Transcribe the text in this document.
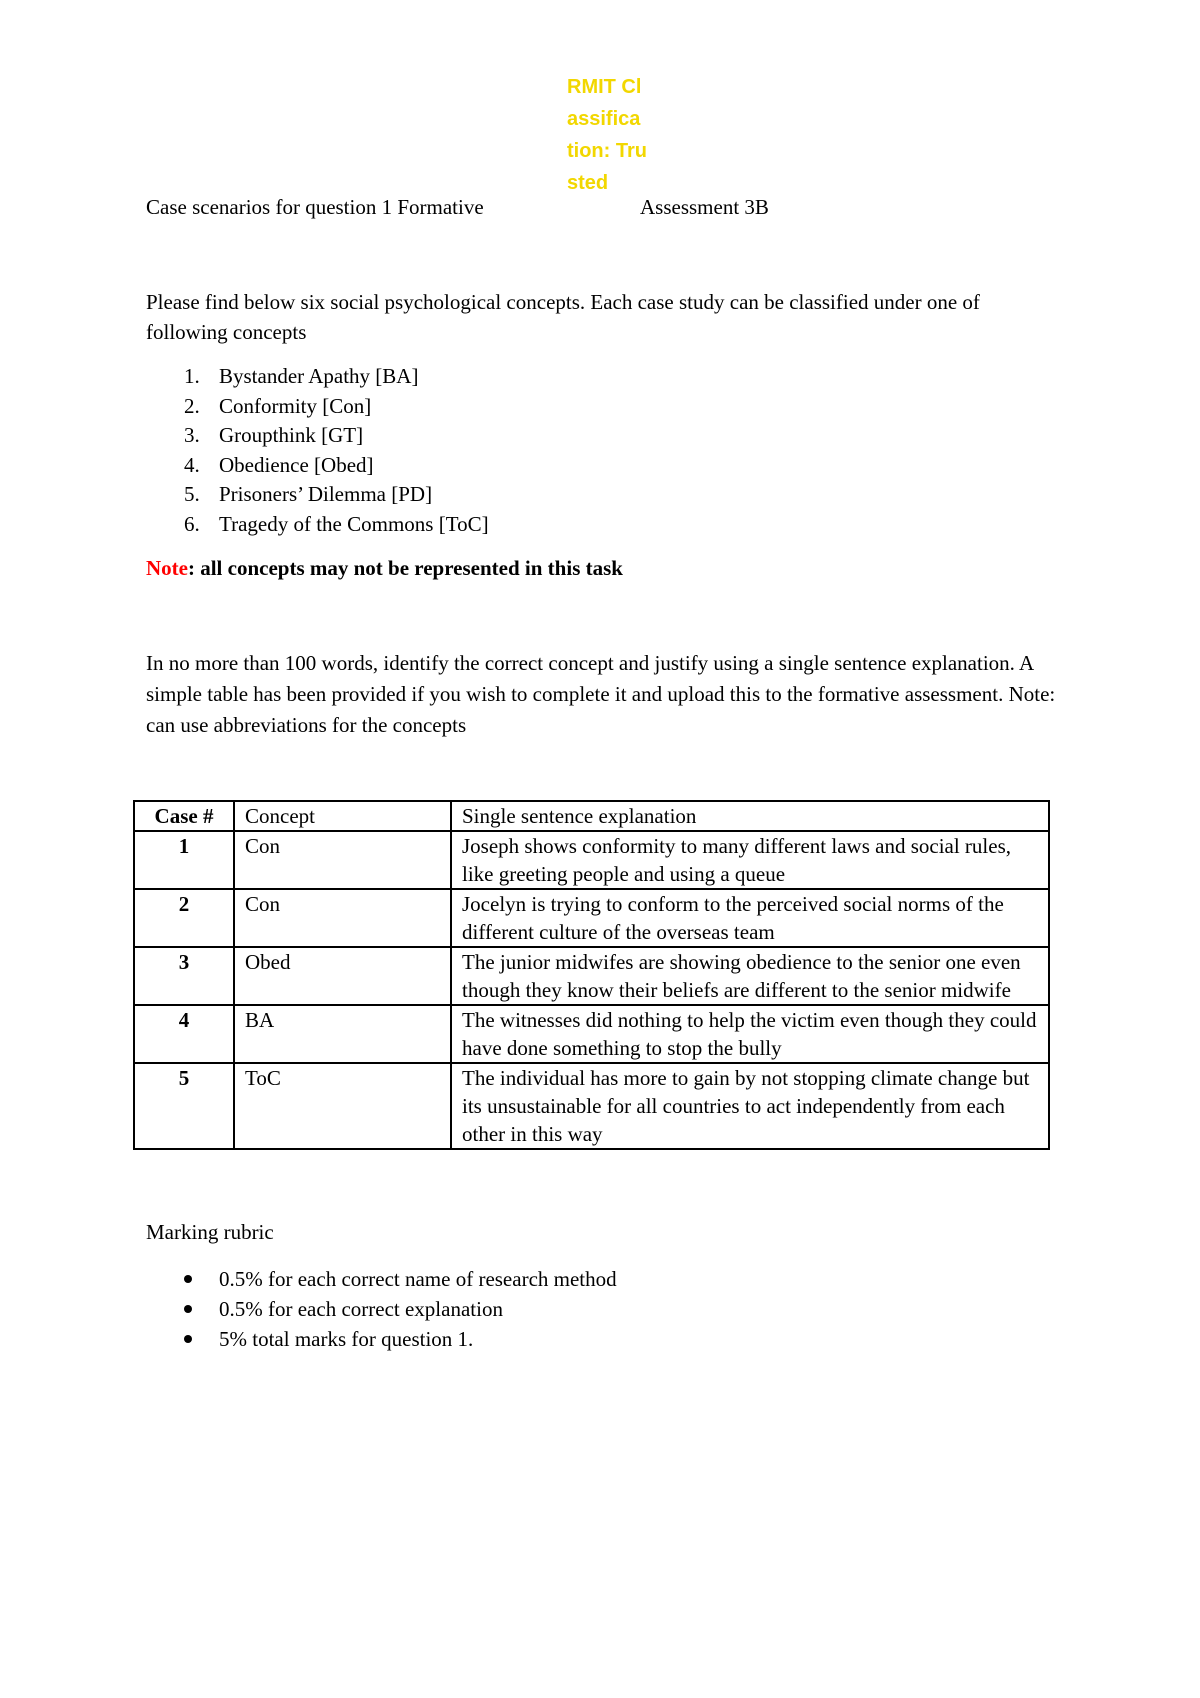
RMIT Classification: Trusted
Case scenarios for question 1 Formative	Assessment 3B

Please find below six social psychological concepts. Each case study can be classified under one of following concepts

1. Bystander Apathy [BA]
2. Conformity [Con]
3. Groupthink [GT]
4. Obedience [Obed]
5. Prisoners’ Dilemma [PD]
6. Tragedy of the Commons [ToC]
Note: all concepts may not be represented in this task

In no more than 100 words, identify the correct concept and justify using a single sentence explanation. A simple table has been provided if you wish to complete it and upload this to the formative assessment. Note: can use abbreviations for the concepts

Case #	Concept	Single sentence explanation
1	Con	Joseph shows conformity to many different laws and social rules, like greeting people and using a queue
2	Con	Jocelyn is trying to conform to the perceived social norms of the different culture of the overseas team
3	Obed	The junior midwifes are showing obedience to the senior one even though they know their beliefs are different to the senior midwife
4	BA	The witnesses did nothing to help the victim even though they could have done something to stop the bully
5	ToC	The individual has more to gain by not stopping climate change but its unsustainable for all countries to act independently from each other in this way
Marking rubric
0.5% for each correct name of research method
0.5% for each correct explanation
5% total marks for question 1.
